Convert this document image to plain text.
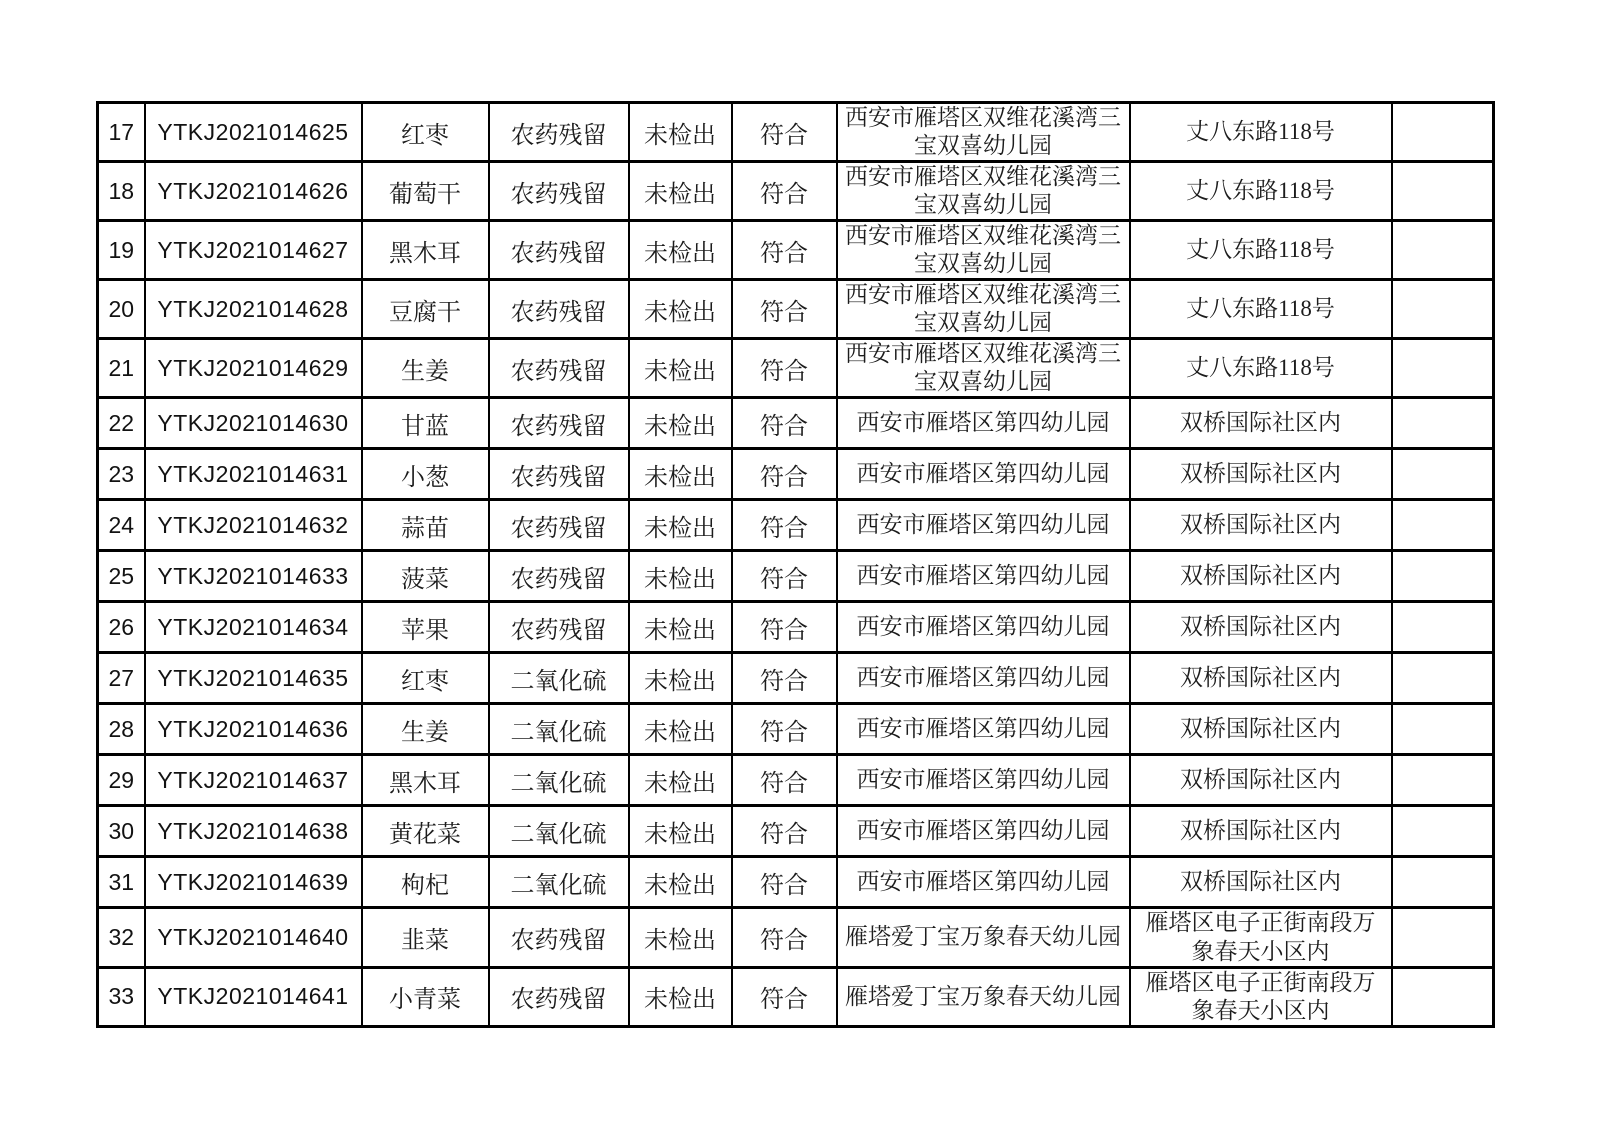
17	YTKJ2021014625	红枣	农药残留	未检出	符合	西安市雁塔区双维花溪湾三宝双喜幼儿园	丈八东路118号	
18	YTKJ2021014626	葡萄干	农药残留	未检出	符合	西安市雁塔区双维花溪湾三宝双喜幼儿园	丈八东路118号	
19	YTKJ2021014627	黑木耳	农药残留	未检出	符合	西安市雁塔区双维花溪湾三宝双喜幼儿园	丈八东路118号	
20	YTKJ2021014628	豆腐干	农药残留	未检出	符合	西安市雁塔区双维花溪湾三宝双喜幼儿园	丈八东路118号	
21	YTKJ2021014629	生姜	农药残留	未检出	符合	西安市雁塔区双维花溪湾三宝双喜幼儿园	丈八东路118号	
22	YTKJ2021014630	甘蓝	农药残留	未检出	符合	西安市雁塔区第四幼儿园	双桥国际社区内	
23	YTKJ2021014631	小葱	农药残留	未检出	符合	西安市雁塔区第四幼儿园	双桥国际社区内	
24	YTKJ2021014632	蒜苗	农药残留	未检出	符合	西安市雁塔区第四幼儿园	双桥国际社区内	
25	YTKJ2021014633	菠菜	农药残留	未检出	符合	西安市雁塔区第四幼儿园	双桥国际社区内	
26	YTKJ2021014634	苹果	农药残留	未检出	符合	西安市雁塔区第四幼儿园	双桥国际社区内	
27	YTKJ2021014635	红枣	二氧化硫	未检出	符合	西安市雁塔区第四幼儿园	双桥国际社区内	
28	YTKJ2021014636	生姜	二氧化硫	未检出	符合	西安市雁塔区第四幼儿园	双桥国际社区内	
29	YTKJ2021014637	黑木耳	二氧化硫	未检出	符合	西安市雁塔区第四幼儿园	双桥国际社区内	
30	YTKJ2021014638	黄花菜	二氧化硫	未检出	符合	西安市雁塔区第四幼儿园	双桥国际社区内	
31	YTKJ2021014639	枸杞	二氧化硫	未检出	符合	西安市雁塔区第四幼儿园	双桥国际社区内	
32	YTKJ2021014640	韭菜	农药残留	未检出	符合	雁塔爱丁宝万象春天幼儿园	雁塔区电子正街南段万象春天小区内	
33	YTKJ2021014641	小青菜	农药残留	未检出	符合	雁塔爱丁宝万象春天幼儿园	雁塔区电子正街南段万象春天小区内	
